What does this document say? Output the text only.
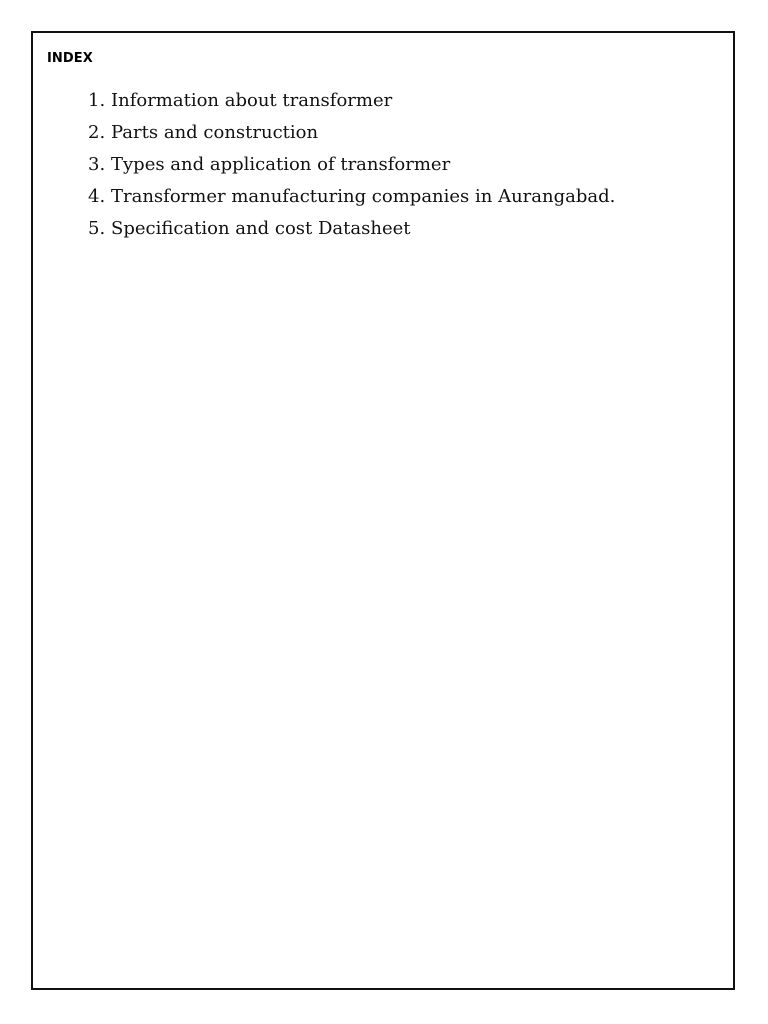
INDEX
1. Information about transformer
2. Parts and construction
3. Types and application of transformer
4. Transformer manufacturing companies in Aurangabad.
5. Specification and cost Datasheet
